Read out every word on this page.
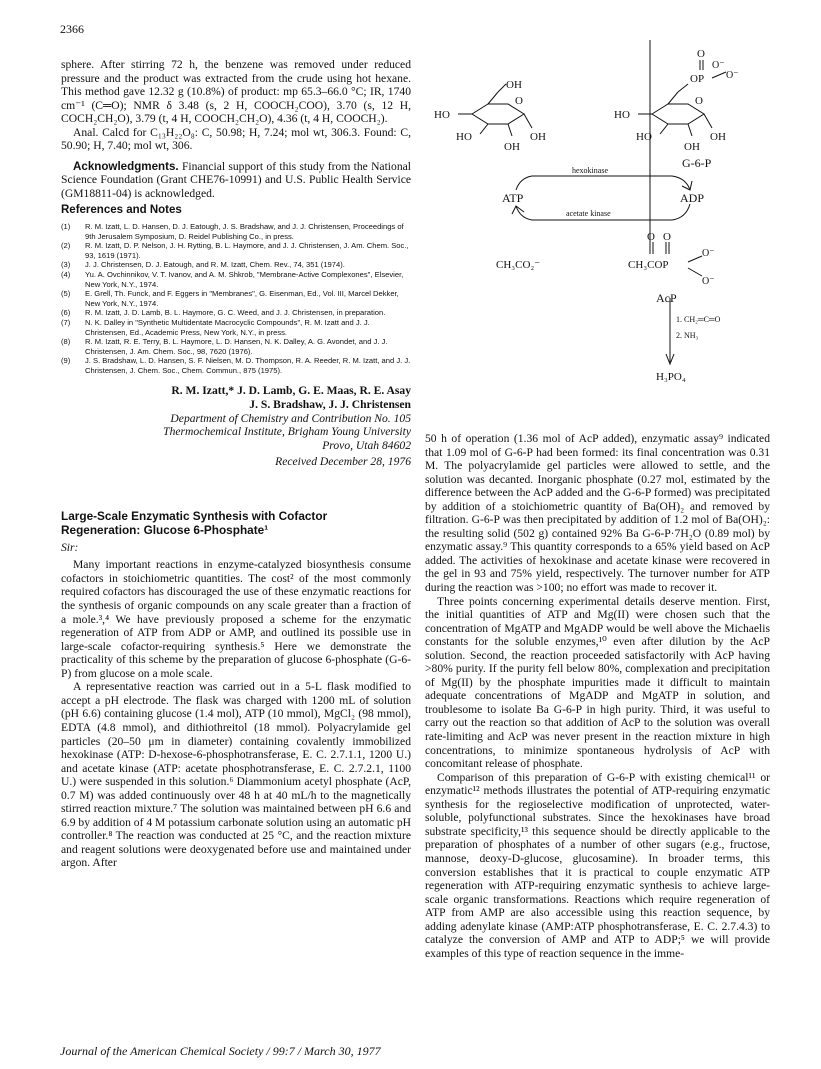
2366

sphere. After stirring 72 h, the benzene was removed under reduced pressure and the product was extracted from the crude using hot hexane. This method gave 12.32 g (10.8%) of product: mp 65.3–66.0 °C; IR, 1740 cm⁻¹ (C═O); NMR δ 3.48 (s, 2 H, COOCH₂COO), 3.70 (s, 12 H, COCH₂CH₂O), 3.79 (t, 4 H, COOCH₂CH₂O), 4.36 (t, 4 H, COOCH₂).

Anal. Calcd for C₁₃H₂₂O₈: C, 50.98; H, 7.24; mol wt, 306.3. Found: C, 50.90; H, 7.40; mol wt, 306.

Acknowledgments. Financial support of this study from the National Science Foundation (Grant CHE76-10991) and U.S. Public Health Service (GM18811-04) is acknowledged.

References and Notes
(1) R. M. Izatt, L. D. Hansen, D. J. Eatough, J. S. Bradshaw, and J. J. Christensen, Proceedings of 9th Jerusalem Symposium, D. Reidel Publishing Co., in press.
(2) R. M. Izatt, D. P. Nelson, J. H. Rytting, B. L. Haymore, and J. J. Christensen, J. Am. Chem. Soc., 93, 1619 (1971).
(3) J. J. Christensen, D. J. Eatough, and R. M. Izatt, Chem. Rev., 74, 351 (1974).
(4) Yu. A. Ovchinnikov, V. T. Ivanov, and A. M. Shkrob, "Membrane-Active Complexones", Elsevier, New York, N.Y., 1974.
(5) E. Grell, Th. Funck, and F. Eggers in "Membranes", G. Eisenman, Ed., Vol. III, Marcel Dekker, New York, N.Y., 1974.
(6) R. M. Izatt, J. D. Lamb, B. L. Haymore, G. C. Weed, and J. J. Christensen, in preparation.
(7) N. K. Dalley in "Synthetic Multidentate Macrocyclic Compounds", R. M. Izatt and J. J. Christensen, Ed., Academic Press, New York, N.Y., in press.
(8) R. M. Izatt, R. E. Terry, B. L. Haymore, L. D. Hansen, N. K. Dalley, A. G. Avondet, and J. J. Christensen, J. Am. Chem. Soc., 98, 7620 (1976).
(9) J. S. Bradshaw, L. D. Hansen, S. F. Nielsen, M. D. Thompson, R. A. Reeder, R. M. Izatt, and J. J. Christensen, J. Chem. Soc., Chem. Commun., 875 (1975).
R. M. Izatt,* J. D. Lamb, G. E. Maas, R. E. Asay
J. S. Bradshaw, J. J. Christensen
Department of Chemistry and Contribution No. 105
Thermochemical Institute, Brigham Young University
Provo, Utah 84602
Received December 28, 1976
Large-Scale Enzymatic Synthesis with Cofactor
Regeneration: Glucose 6-Phosphate¹
Sir:

Many important reactions in enzyme-catalyzed biosynthesis consume cofactors in stoichiometric quantities. The cost² of the most commonly required cofactors has discouraged the use of these enzymatic reactions for the synthesis of organic compounds on any scale greater than a fraction of a mole.³,⁴ We have previously proposed a scheme for the enzymatic regeneration of ATP from ADP or AMP, and outlined its possible use in large-scale cofactor-requiring synthesis.⁵ Here we demonstrate the practicality of this scheme by the preparation of glucose 6-phosphate (G-6-P) from glucose on a mole scale.

A representative reaction was carried out in a 5-L flask modified to accept a pH electrode. The flask was charged with 1200 mL of solution (pH 6.6) containing glucose (1.4 mol), ATP (10 mmol), MgCl₂ (98 mmol), EDTA (4.8 mmol), and dithiothreitol (18 mmol). Polyacrylamide gel particles (20–50 μm in diameter) containing covalently immobilized hexokinase (ATP: D-hexose-6-phosphotransferase, E. C. 2.7.1.1, 1200 U.) and acetate kinase (ATP: acetate phosphotransferase, E. C. 2.7.2.1, 1100 U.) were suspended in this solution.⁶ Diammonium acetyl phosphate (AcP, 0.7 M) was added continuously over 48 h at 40 mL/h to the magnetically stirred reaction mixture.⁷ The solution was maintained between pH 6.6 and 6.9 by addition of 4 M potassium carbonate solution using an automatic pH controller.⁸ The reaction was conducted at 25 °C, and the reaction mixture and reagent solutions were deoxygenated before use and maintained under argon. After

OH
O
HO
HO	OH
OH
O
OP
O⁻
O⁻
O
HO
HO	OH
OH
G-6-P
hexokinase
ATP	ADP
acetate kinase
O O
CH₃CO₂⁻	CH₃COP
O⁻
O⁻
AcP
1. CH₂═C═O
2. NH₃
H₃PO₄

50 h of operation (1.36 mol of AcP added), enzymatic assay⁹ indicated that 1.09 mol of G-6-P had been formed: its final concentration was 0.31 M. The polyacrylamide gel particles were allowed to settle, and the solution was decanted. Inorganic phosphate (0.27 mol, estimated by the difference between the AcP added and the G-6-P formed) was precipitated by addition of a stoichiometric quantity of Ba(OH)₂ and removed by filtration. G-6-P was then precipitated by addition of 1.2 mol of Ba(OH)₂: the resulting solid (502 g) contained 92% Ba G-6-P·7H₂O (0.89 mol) by enzymatic assay.⁹ This quantity corresponds to a 65% yield based on AcP added. The activities of hexokinase and acetate kinase were recovered in the gel in 93 and 75% yield, respectively. The turnover number for ATP during the reaction was >100; no effort was made to recover it.

Three points concerning experimental details deserve mention. First, the initial quantities of ATP and Mg(II) were chosen such that the concentration of MgATP and MgADP would be well above the Michaelis constants for the soluble enzymes,¹⁰ even after dilution by the AcP solution. Second, the reaction proceeded satisfactorily with AcP having >80% purity. If the purity fell below 80%, complexation and precipitation of Mg(II) by the phosphate impurities made it difficult to maintain adequate concentrations of MgADP and MgATP in solution, and troublesome to isolate Ba G-6-P in high purity. Third, it was useful to carry out the reaction so that addition of AcP to the solution was overall rate-limiting and AcP was never present in the reaction mixture in high concentrations, to minimize spontaneous hydrolysis of AcP with concomitant release of phosphate.

Comparison of this preparation of G-6-P with existing chemical¹¹ or enzymatic¹² methods illustrates the potential of ATP-requiring enzymatic synthesis for the regioselective modification of unprotected, water-soluble, polyfunctional substrates. Since the hexokinases have broad substrate specificity,¹³ this sequence should be directly applicable to the preparation of phosphates of a number of other sugars (e.g., fructose, mannose, deoxy-D-glucose, glucosamine). In broader terms, this conversion establishes that it is practical to couple enzymatic ATP regeneration with ATP-requiring enzymatic synthesis to achieve large-scale organic transformations. Reactions which require regeneration of ATP from AMP are also accessible using this reaction sequence, by adding adenylate kinase (AMP:ATP phosphotransferase, E. C. 2.7.4.3) to catalyze the conversion of AMP and ATP to ADP;⁵ we will provide examples of this type of reaction sequence in the imme-

Journal of the American Chemical Society / 99:7 / March 30, 1977
